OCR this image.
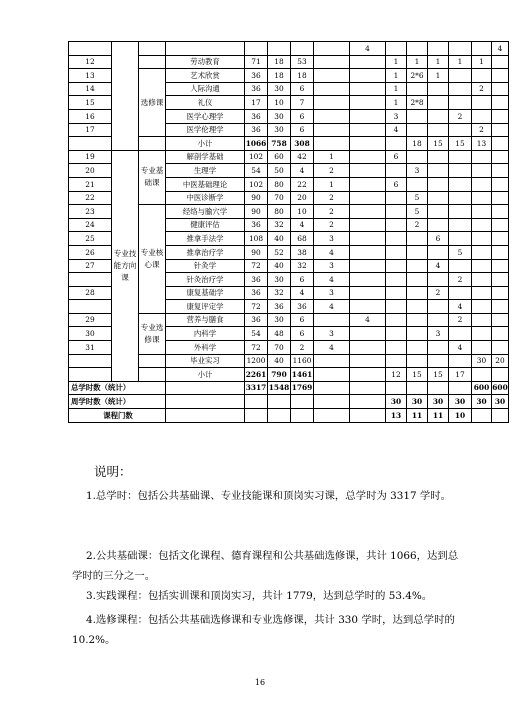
								4						4	
12			劳动教育	71	18	53			1	1	1	1	1		
13		选修课	艺术欣赏	36	18	18			1	2*6	1				
14			人际沟通	36	30	6			1				2		
15			礼仪	17	10	7			1	2*8					
16			医学心理学	36	30	6			3			2			
17			医学伦理学	36	30	6			4				2		
			小计	1066	758	308				18	15	15	13		
19	专业技能方向课	专业基础课	解剖学基础	102	60	42	1		6						
20			生理学	54	50	4	2			3					
21			中医基础理论	102	80	22	1		6						
22			中医诊断学	90	70	20	2			5					
23		专业核心课	经络与腧穴学	90	80	10	2			5					
24			健康评估	36	32	4	2			2					
25			推拿手法学	108	40	68	3				6				
26			推拿治疗学	90	52	38	4					5			
27			针灸学	72	40	32	3				4				
			针灸治疗学	36	30	6	4					2			
28			康复基础学	36	32	4	3				2				
			康复评定学	72	36	36	4					4			
29		专业选修课	营养与膳食	36	30	6		4				2			
30			内科学	54	48	6	3				3				
31			外科学	72	70	2	4					4			
			毕业实习	1200	40	1160							30	20	
			小计	2261	790	1461			12	15	15	17			
总学时数（统计）				3317	1548	1769							600	600	
周学时数（统计）									30	30	30	30	30	30	
课程门数									13	11	11	10			
说明：

1.总学时：包括公共基础课、专业技能课和顶岗实习课，总学时为 3317 学时。

2.公共基础课：包括文化课程、德育课程和公共基础选修课，共计 1066，达到总学时的三分之一。

3.实践课程：包括实训课和顶岗实习，共计 1779，达到总学时的 53.4%。

4.选修课程：包括公共基础选修课和专业选修课，共计 330 学时，达到总学时的 10.2%。

16
